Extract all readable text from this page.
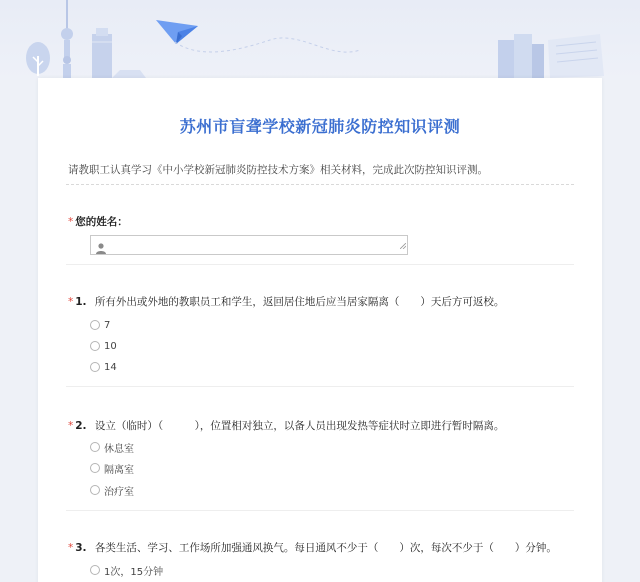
苏州市盲聋学校新冠肺炎防控知识评测
请教职工认真学习《中小学校新冠肺炎防控技术方案》相关材料，完成此次防控知识评测。
* 您的姓名：
* 1. 所有外出或外地的教职员工和学生，返回居住地后应当居家隔离（　　）天后方可返校。
7
10
14
* 2. 设立（临时）（　　　），位置相对独立，以备人员出现发热等症状时立即进行暂时隔离。
休息室
隔离室
治疗室
* 3. 各类生活、学习、工作场所加强通风换气。每日通风不少于（　　）次，每次不少于（　　）分钟。
1次，15分钟
